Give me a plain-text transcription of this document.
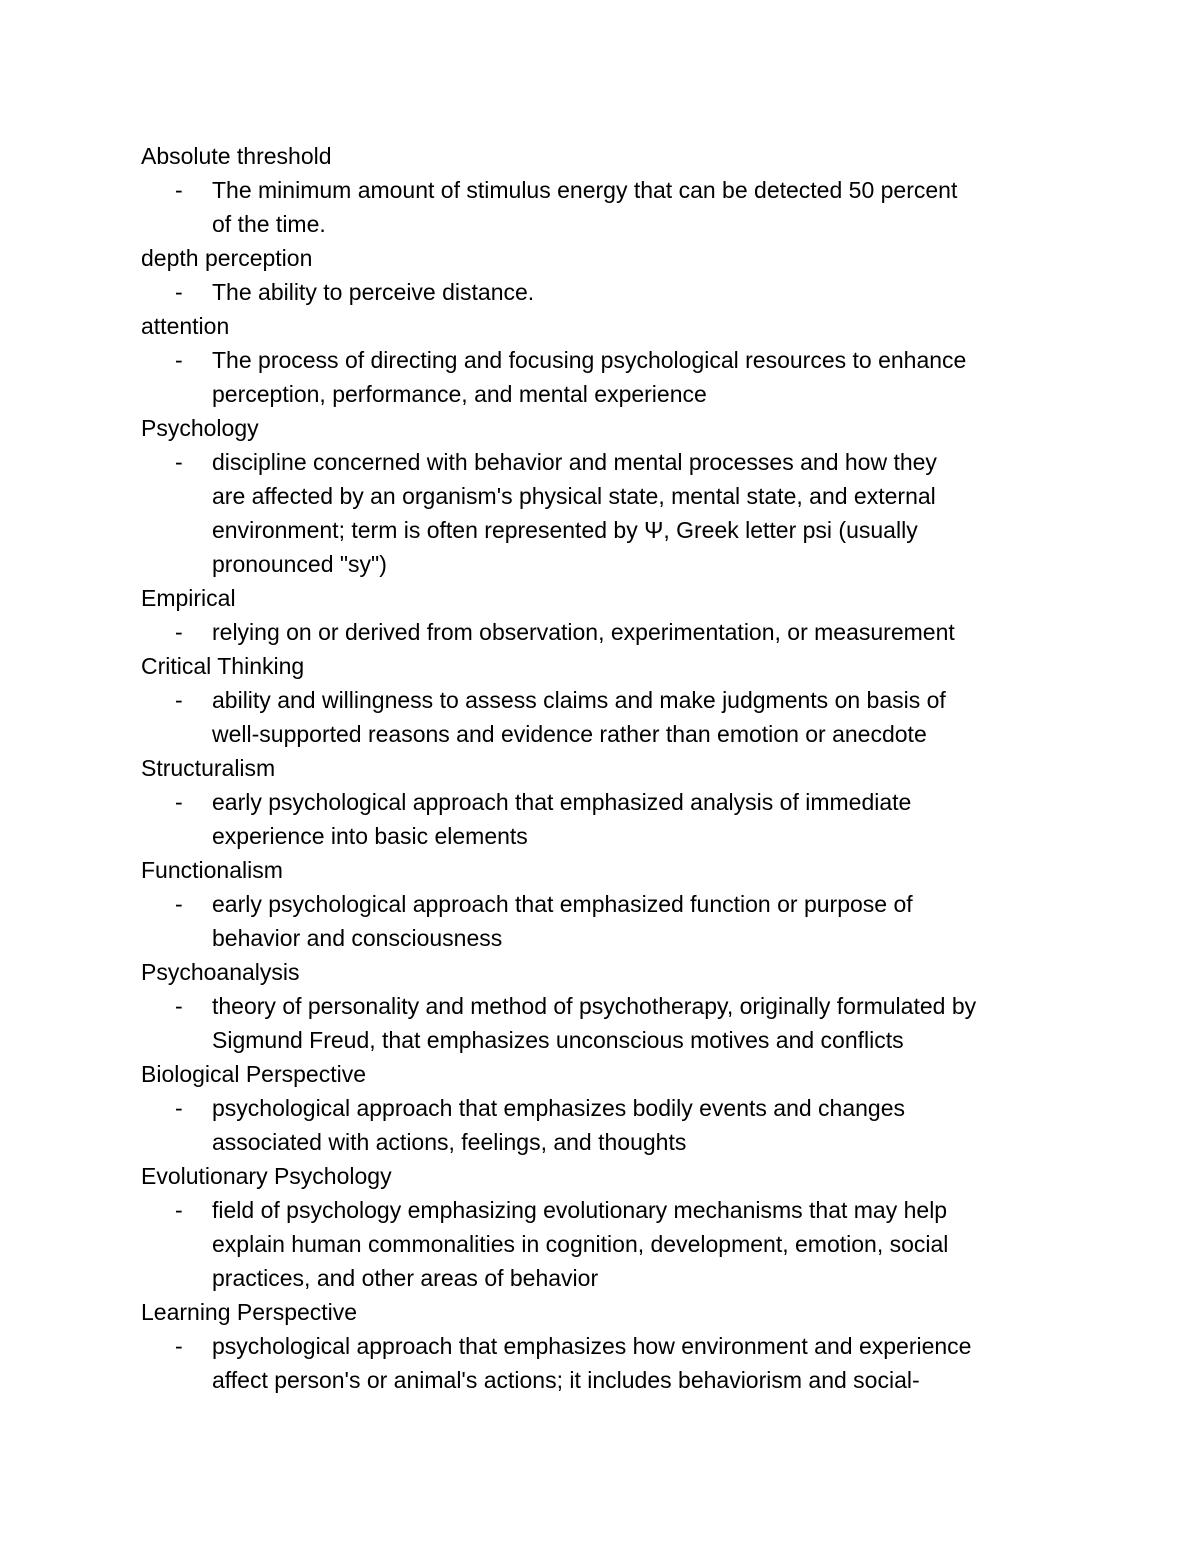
Absolute threshold
- The minimum amount of stimulus energy that can be detected 50 percent
of the time.
depth perception
- The ability to perceive distance.
attention
- The process of directing and focusing psychological resources to enhance
perception, performance, and mental experience
Psychology
- discipline concerned with behavior and mental processes and how they
are affected by an organism's physical state, mental state, and external
environment; term is often represented by Ψ, Greek letter psi (usually
pronounced "sy")
Empirical
- relying on or derived from observation, experimentation, or measurement
Critical Thinking
- ability and willingness to assess claims and make judgments on basis of
well-supported reasons and evidence rather than emotion or anecdote
Structuralism
- early psychological approach that emphasized analysis of immediate
experience into basic elements
Functionalism
- early psychological approach that emphasized function or purpose of
behavior and consciousness
Psychoanalysis
- theory of personality and method of psychotherapy, originally formulated by
Sigmund Freud, that emphasizes unconscious motives and conflicts
Biological Perspective
- psychological approach that emphasizes bodily events and changes
associated with actions, feelings, and thoughts
Evolutionary Psychology
- field of psychology emphasizing evolutionary mechanisms that may help
explain human commonalities in cognition, development, emotion, social
practices, and other areas of behavior
Learning Perspective
- psychological approach that emphasizes how environment and experience
affect person's or animal's actions; it includes behaviorism and social-
